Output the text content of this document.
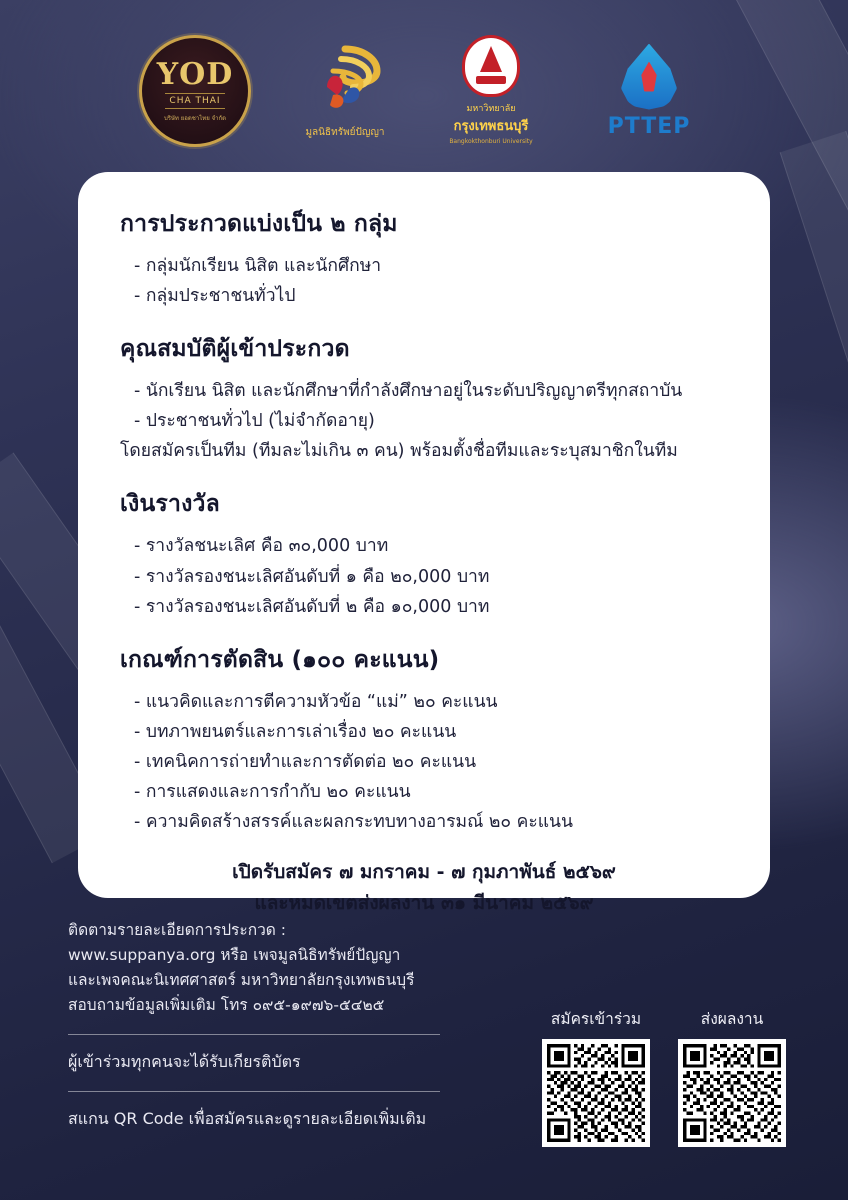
YOD
CHA THAI
บริษัท ยอดชาไทย จำกัด
มูลนิธิทรัพย์ปัญญา
มหาวิทยาลัย
กรุงเทพธนบุรี
Bangkokthonburi University
PTTEP
การประกวดแบ่งเป็น ๒ กลุ่ม
- กลุ่มนักเรียน นิสิต และนักศึกษา
- กลุ่มประชาชนทั่วไป
คุณสมบัติผู้เข้าประกวด
- นักเรียน นิสิต และนักศึกษาที่กำลังศึกษาอยู่ในระดับปริญญาตรีทุกสถาบัน
- ประชาชนทั่วไป (ไม่จำกัดอายุ)
โดยสมัครเป็นทีม (ทีมละไม่เกิน ๓ คน) พร้อมตั้งชื่อทีมและระบุสมาชิกในทีม
เงินรางวัล
- รางวัลชนะเลิศ คือ ๓๐,000 บาท
- รางวัลรองชนะเลิศอันดับที่ ๑ คือ ๒๐,000 บาท
- รางวัลรองชนะเลิศอันดับที่ ๒ คือ ๑๐,000 บาท
เกณฑ์การตัดสิน (๑๐๐ คะแนน)
- แนวคิดและการตีความหัวข้อ “แม่” ๒๐ คะแนน
- บทภาพยนตร์และการเล่าเรื่อง ๒๐ คะแนน
- เทคนิคการถ่ายทำและการตัดต่อ ๒๐ คะแนน
- การแสดงและการกำกับ ๒๐ คะแนน
- ความคิดสร้างสรรค์และผลกระทบทางอารมณ์ ๒๐ คะแนน
เปิดรับสมัคร ๗ มกราคม - ๗ กุมภาพันธ์ ๒๕๖๙
และหมดเขตส่งผลงาน ๓๑ มีนาคม ๒๕๖๙
ติดตามรายละเอียดการประกวด :
www.suppanya.org หรือ เพจมูลนิธิทรัพย์ปัญญา
และเพจคณะนิเทศศาสตร์ มหาวิทยาลัยกรุงเทพธนบุรี
สอบถามข้อมูลเพิ่มเติม โทร ๐๙๕-๑๙๗๖-๕๔๒๕
ผู้เข้าร่วมทุกคนจะได้รับเกียรติบัตร
สแกน QR Code เพื่อสมัครและดูรายละเอียดเพิ่มเติม
สมัครเข้าร่วม	ส่งผลงาน
